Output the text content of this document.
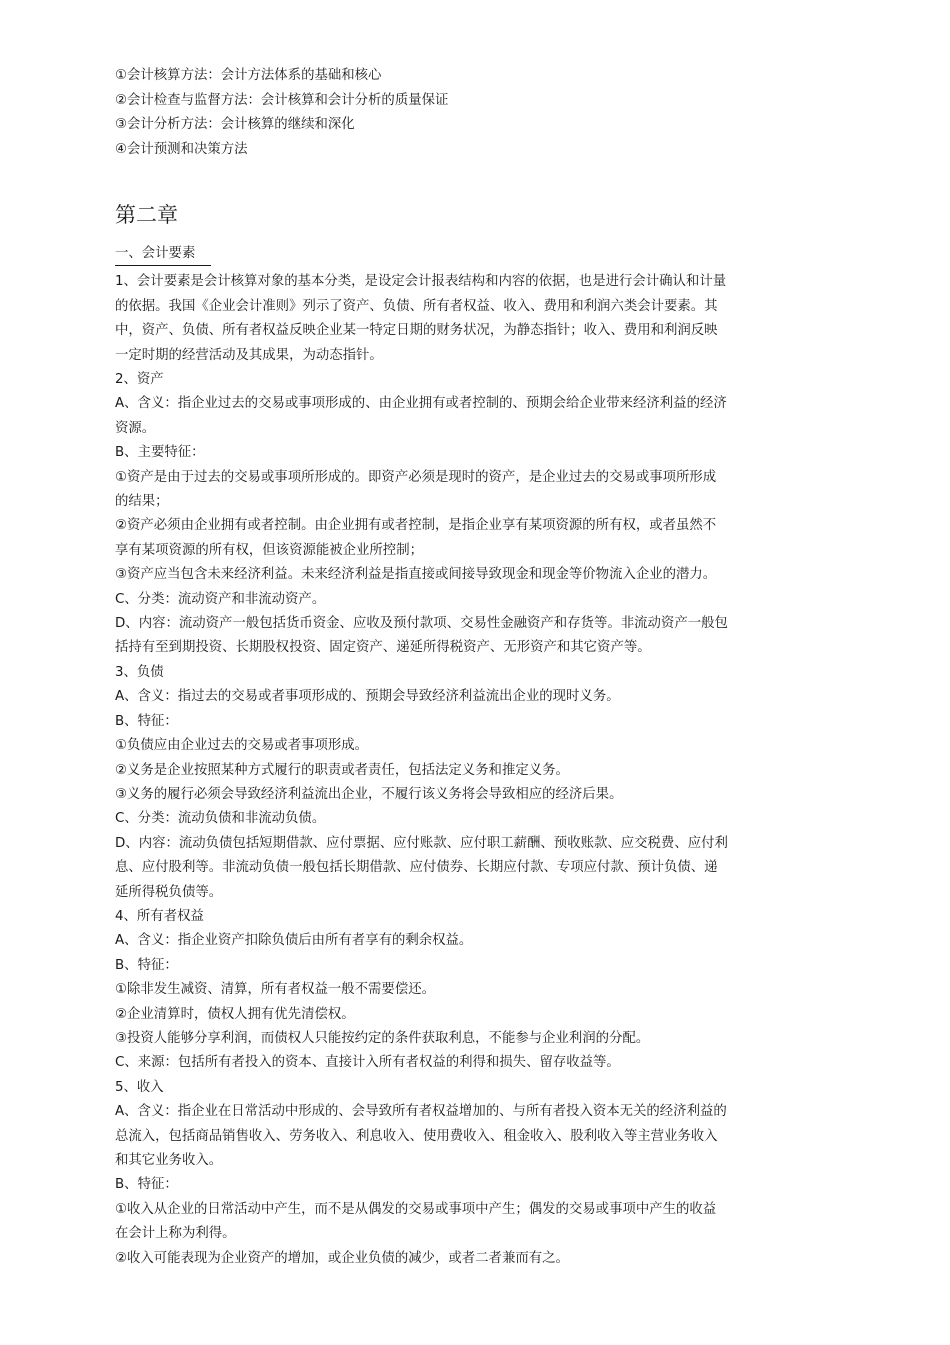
①会计核算方法：会计方法体系的基础和核心

②会计检查与监督方法：会计核算和会计分析的质量保证

③会计分析方法：会计核算的继续和深化

④会计预测和决策方法

第二章
一、会计要素

1、会计要素是会计核算对象的基本分类，是设定会计报表结构和内容的依据，也是进行会计确认和计量

的依据。我国《企业会计准则》列示了资产、负债、所有者权益、收入、费用和利润六类会计要素。其

中，资产、负债、所有者权益反映企业某一特定日期的财务状况，为静态指针；收入、费用和利润反映

一定时期的经营活动及其成果，为动态指针。

2、资产

A、含义：指企业过去的交易或事项形成的、由企业拥有或者控制的、预期会给企业带来经济利益的经济

资源。

B、主要特征：

①资产是由于过去的交易或事项所形成的。即资产必须是现时的资产，是企业过去的交易或事项所形成

的结果；

②资产必须由企业拥有或者控制。由企业拥有或者控制，是指企业享有某项资源的所有权，或者虽然不

享有某项资源的所有权，但该资源能被企业所控制；

③资产应当包含未来经济利益。未来经济利益是指直接或间接导致现金和现金等价物流入企业的潜力。

C、分类：流动资产和非流动资产。

D、内容：流动资产一般包括货币资金、应收及预付款项、交易性金融资产和存货等。非流动资产一般包

括持有至到期投资、长期股权投资、固定资产、递延所得税资产、无形资产和其它资产等。

3、负债

A、含义：指过去的交易或者事项形成的、预期会导致经济利益流出企业的现时义务。

B、特征：

①负债应由企业过去的交易或者事项形成。

②义务是企业按照某种方式履行的职责或者责任，包括法定义务和推定义务。

③义务的履行必须会导致经济利益流出企业，不履行该义务将会导致相应的经济后果。

C、分类：流动负债和非流动负债。

D、内容：流动负债包括短期借款、应付票据、应付账款、应付职工薪酬、预收账款、应交税费、应付利

息、应付股利等。非流动负债一般包括长期借款、应付债券、长期应付款、专项应付款、预计负债、递

延所得税负债等。

4、所有者权益

A、含义：指企业资产扣除负债后由所有者享有的剩余权益。

B、特征：

①除非发生减资、清算，所有者权益一般不需要偿还。

②企业清算时，债权人拥有优先清偿权。

③投资人能够分享利润，而债权人只能按约定的条件获取利息，不能参与企业利润的分配。

C、来源：包括所有者投入的资本、直接计入所有者权益的利得和损失、留存收益等。

5、收入

A、含义：指企业在日常活动中形成的、会导致所有者权益增加的、与所有者投入资本无关的经济利益的

总流入，包括商品销售收入、劳务收入、利息收入、使用费收入、租金收入、股利收入等主营业务收入

和其它业务收入。

B、特征：

①收入从企业的日常活动中产生，而不是从偶发的交易或事项中产生；偶发的交易或事项中产生的收益

在会计上称为利得。

②收入可能表现为企业资产的增加，或企业负债的减少，或者二者兼而有之。
